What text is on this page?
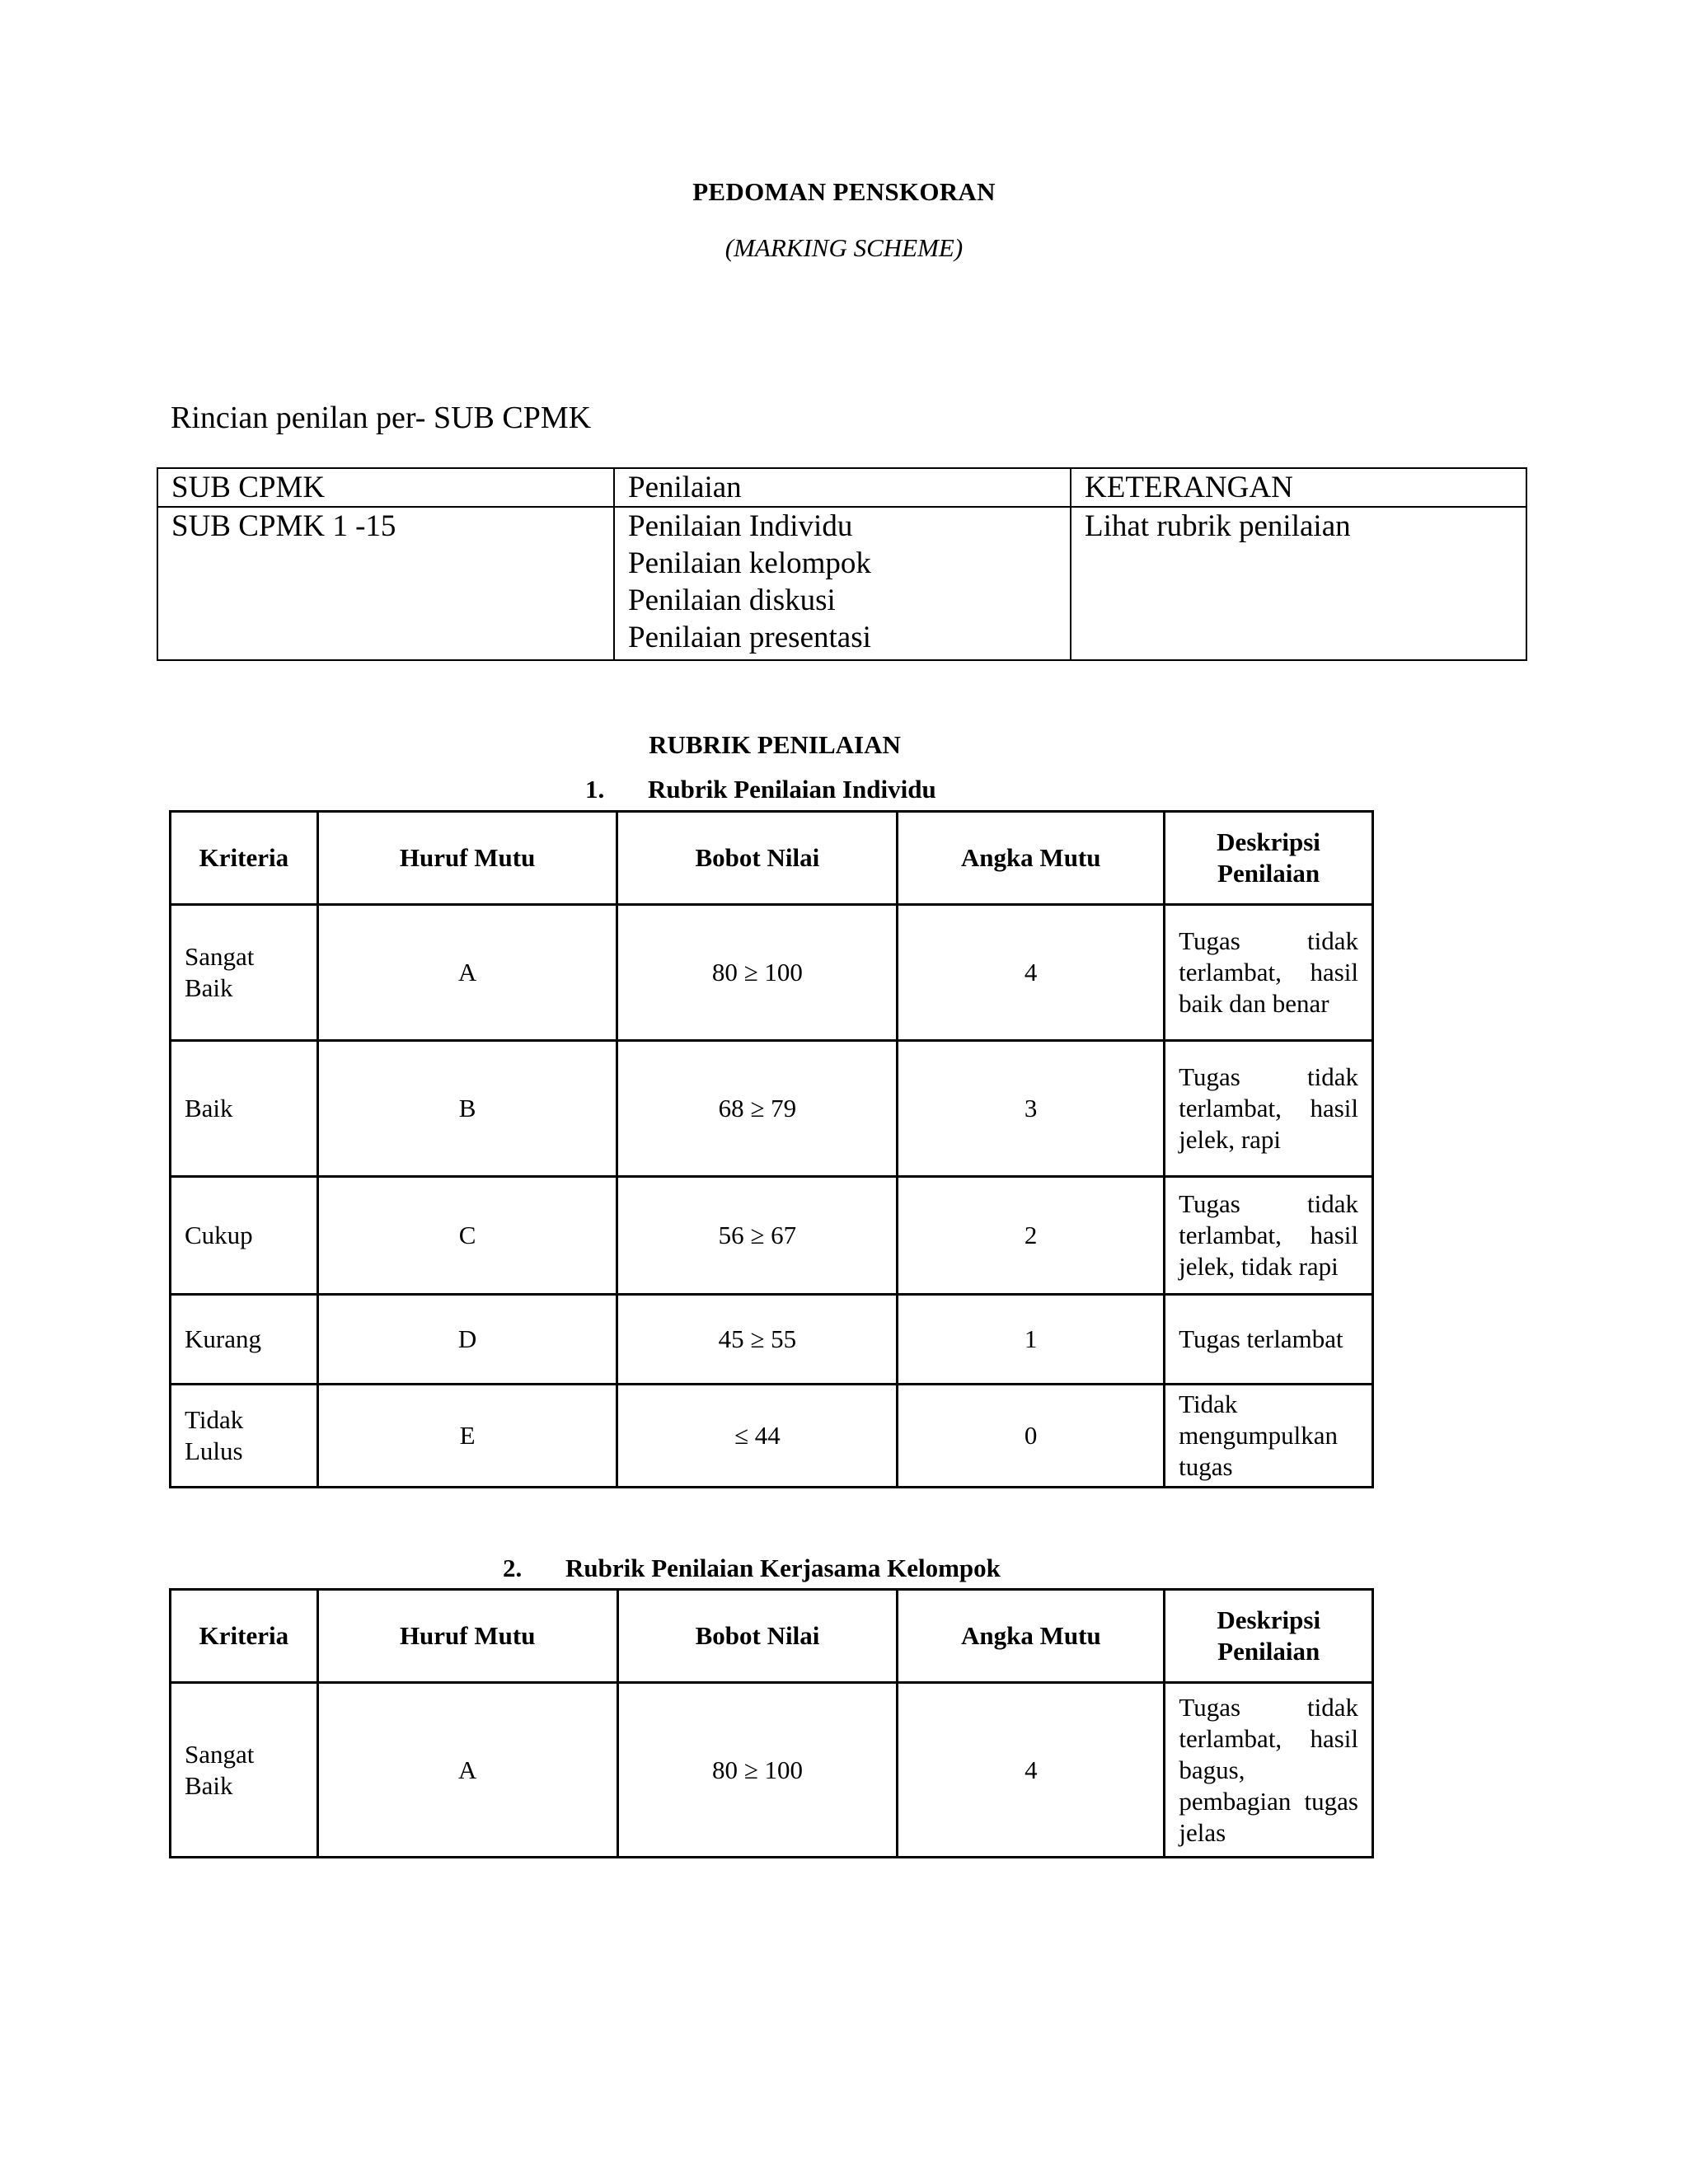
PEDOMAN PENSKORAN
(MARKING SCHEME)
Rincian penilan per- SUB CPMK
SUB CPMK	Penilaian	KETERANGAN
SUB CPMK 1 -15	Penilaian Individu
Penilaian kelompok
Penilaian diskusi
Penilaian presentasi	Lihat rubrik penilaian
RUBRIK PENILAIAN
1. Rubrik Penilaian Individu
Kriteria	Huruf Mutu	Bobot Nilai	Angka Mutu	Deskripsi
Penilaian

Sangat
Baik	A	80 ≥ 100	4	Tugas tidak terlambat, hasil baik dan benar

Baik	B	68 ≥ 79	3	Tugas tidak terlambat, hasil jelek, rapi

Cukup	C	56 ≥ 67	2	Tugas tidak terlambat, hasil jelek, tidak rapi

Kurang	D	45 ≥ 55	1	Tugas terlambat

Tidak
Lulus	E	≤ 44	0	Tidak mengumpulkan tugas
2. Rubrik Penilaian Kerjasama Kelompok
Kriteria	Huruf Mutu	Bobot Nilai	Angka Mutu	Deskripsi
Penilaian

Sangat
Baik	A	80 ≥ 100	4	Tugas tidak terlambat, hasil bagus, pembagian tugas jelas
